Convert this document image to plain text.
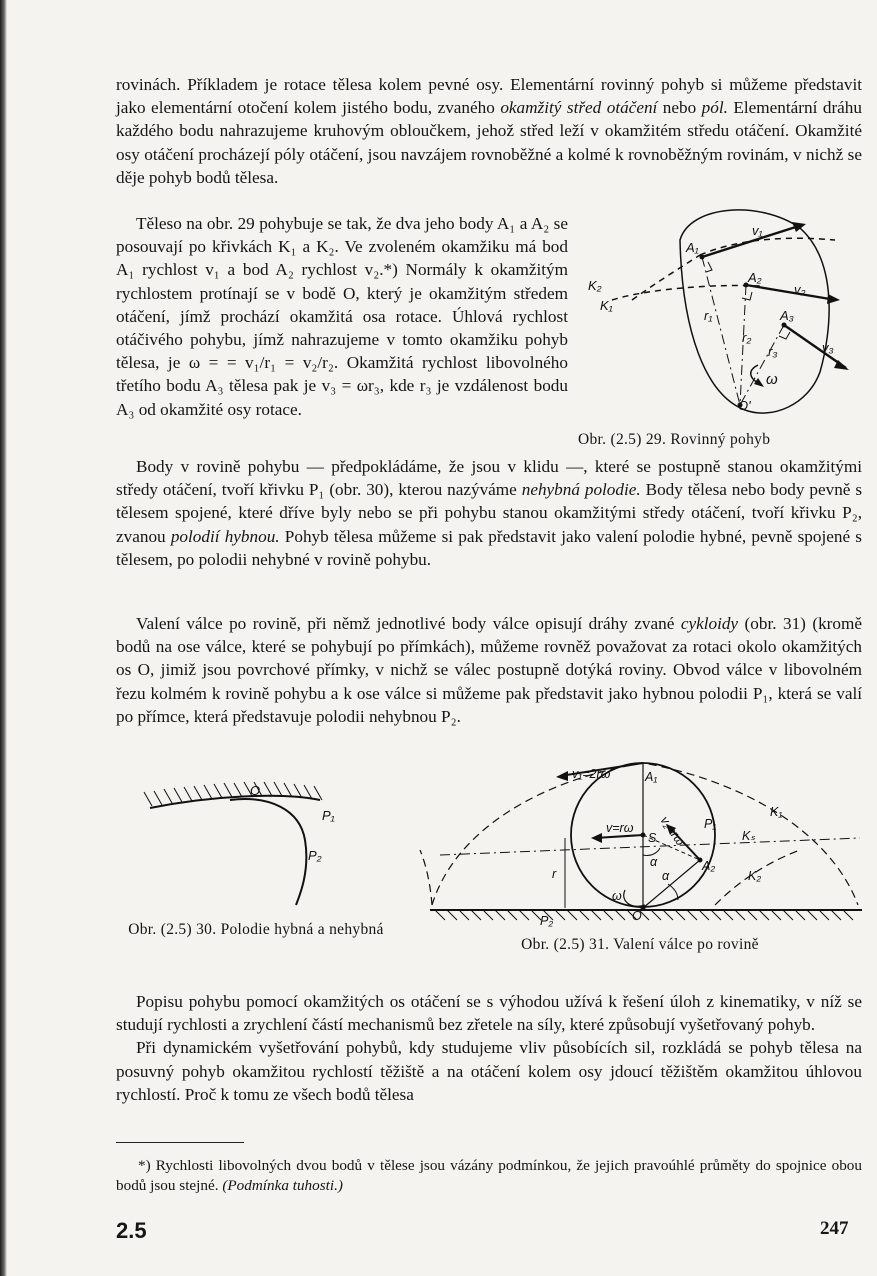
rovinách. Příkladem je rotace tělesa kolem pevné osy. Elementární rovinný pohyb si můžeme představit jako elementární otočení kolem jistého bodu, zvaného okamžitý střed otáčení nebo pól. Elementární dráhu každého bodu nahrazujeme kruhovým obloučkem, jehož střed leží v okamžitém středu otáčení. Okamžité osy otáčení procházejí póly otáčení, jsou navzájem rovnoběžné a kolmé k rovnoběžným rovinám, v nichž se děje pohyb bodů tělesa.

Těleso na obr. 29 pohybuje se tak, že dva jeho body A₁ a A₂ se posouvají po křivkách K₁ a K₂. Ve zvoleném okamžiku má bod A₁ rychlost v₁ a bod A₂ rychlost v₂.*) Normály k okamžitým rychlostem protínají se v bodě O, který je okamžitým středem otáčení, jímž prochází okamžitá osa rotace. Úhlová rychlost otáčivého pohybu, jímž nahrazujeme v tomto okamžiku pohyb tělesa, je ω = = v₁/r₁ = v₂/r₂. Okamžitá rychlost libovolného třetího bodu A₃ tělesa pak je v₃ = ωr₃, kde r₃ je vzdálenost bodu A₃ od okamžité osy rotace.

Body v rovině pohybu — předpokládáme, že jsou v klidu —, které se postupně stanou okamžitými středy otáčení, tvoří křivku P₁ (obr. 30), kterou nazýváme nehybná polodie. Body tělesa nebo body pevně s tělesem spojené, které dříve byly nebo se při pohybu stanou okamžitými středy otáčení, tvoří křivku P₂, zvanou polodií hybnou. Pohyb tělesa můžeme si pak představit jako valení polodie hybné, pevně spojené s tělesem, po polodii nehybné v rovině pohybu.

Valení válce po rovině, při němž jednotlivé body válce opisují dráhy zvané cykloidy (obr. 31) (kromě bodů na ose válce, které se pohybují po přímkách), můžeme rovněž považovat za rotaci okolo okamžitých os O, jimiž jsou povrchové přímky, v nichž se válec postupně dotýká roviny. Obvod válce v libovolném řezu kolmém k rovině pohybu a k ose válce si můžeme pak představit jako hybnou polodii P₁, která se valí po přímce, která představuje polodii nehybnou P₂.

Popisu pohybu pomocí okamžitých os otáčení se s výhodou užívá k řešení úloh z kinematiky, v níž se studují rychlosti a zrychlení částí mechanismů bez zřetele na síly, které způsobují vyšetřovaný pohyb.

Při dynamickém vyšetřování pohybů, kdy studujeme vliv působících sil, rozkládá se pohyb tělesa na posuvný pohyb okamžitou rychlostí těžiště a na otáčení kolem osy jdoucí těžištěm okamžitou úhlovou rychlostí. Proč k tomu ze všech bodů tělesa

A₁
A₂
A₃
v₁
v₂
v₃
K₁
K₂
r₁
r₂
r₃
ω
O'
Obr. (2.5) 29. Rovinný pohyb
O
P₁
P₂
Obr. (2.5) 30. Polodie hybná a nehybná
v₁=2rω	A₁
K₁
Kₛ
K₂
P₁
P₂
v=rω
S v₂=rω
A₂
α
α
r
ω
O
Obr. (2.5) 31. Valení válce po rovině

*) Rychlosti libovolných dvou bodů v tělese jsou vázány podmínkou, že jejich pravoúhlé průměty do spojnice obou bodů jsou stejné. (Podmínka tuhosti.)

2.5	247
